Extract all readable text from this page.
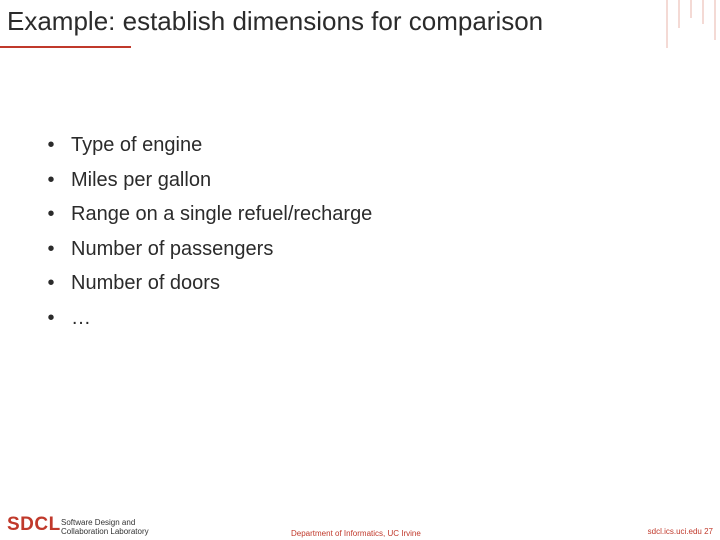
Example: establish dimensions for comparison
• Type of engine
• Miles per gallon
• Range on a single refuel/recharge
• Number of passengers
• Number of doors
• …
SDCL Software Design and
Collaboration Laboratory	Department of Informatics, UC Irvine	sdcl.ics.uci.edu 27
